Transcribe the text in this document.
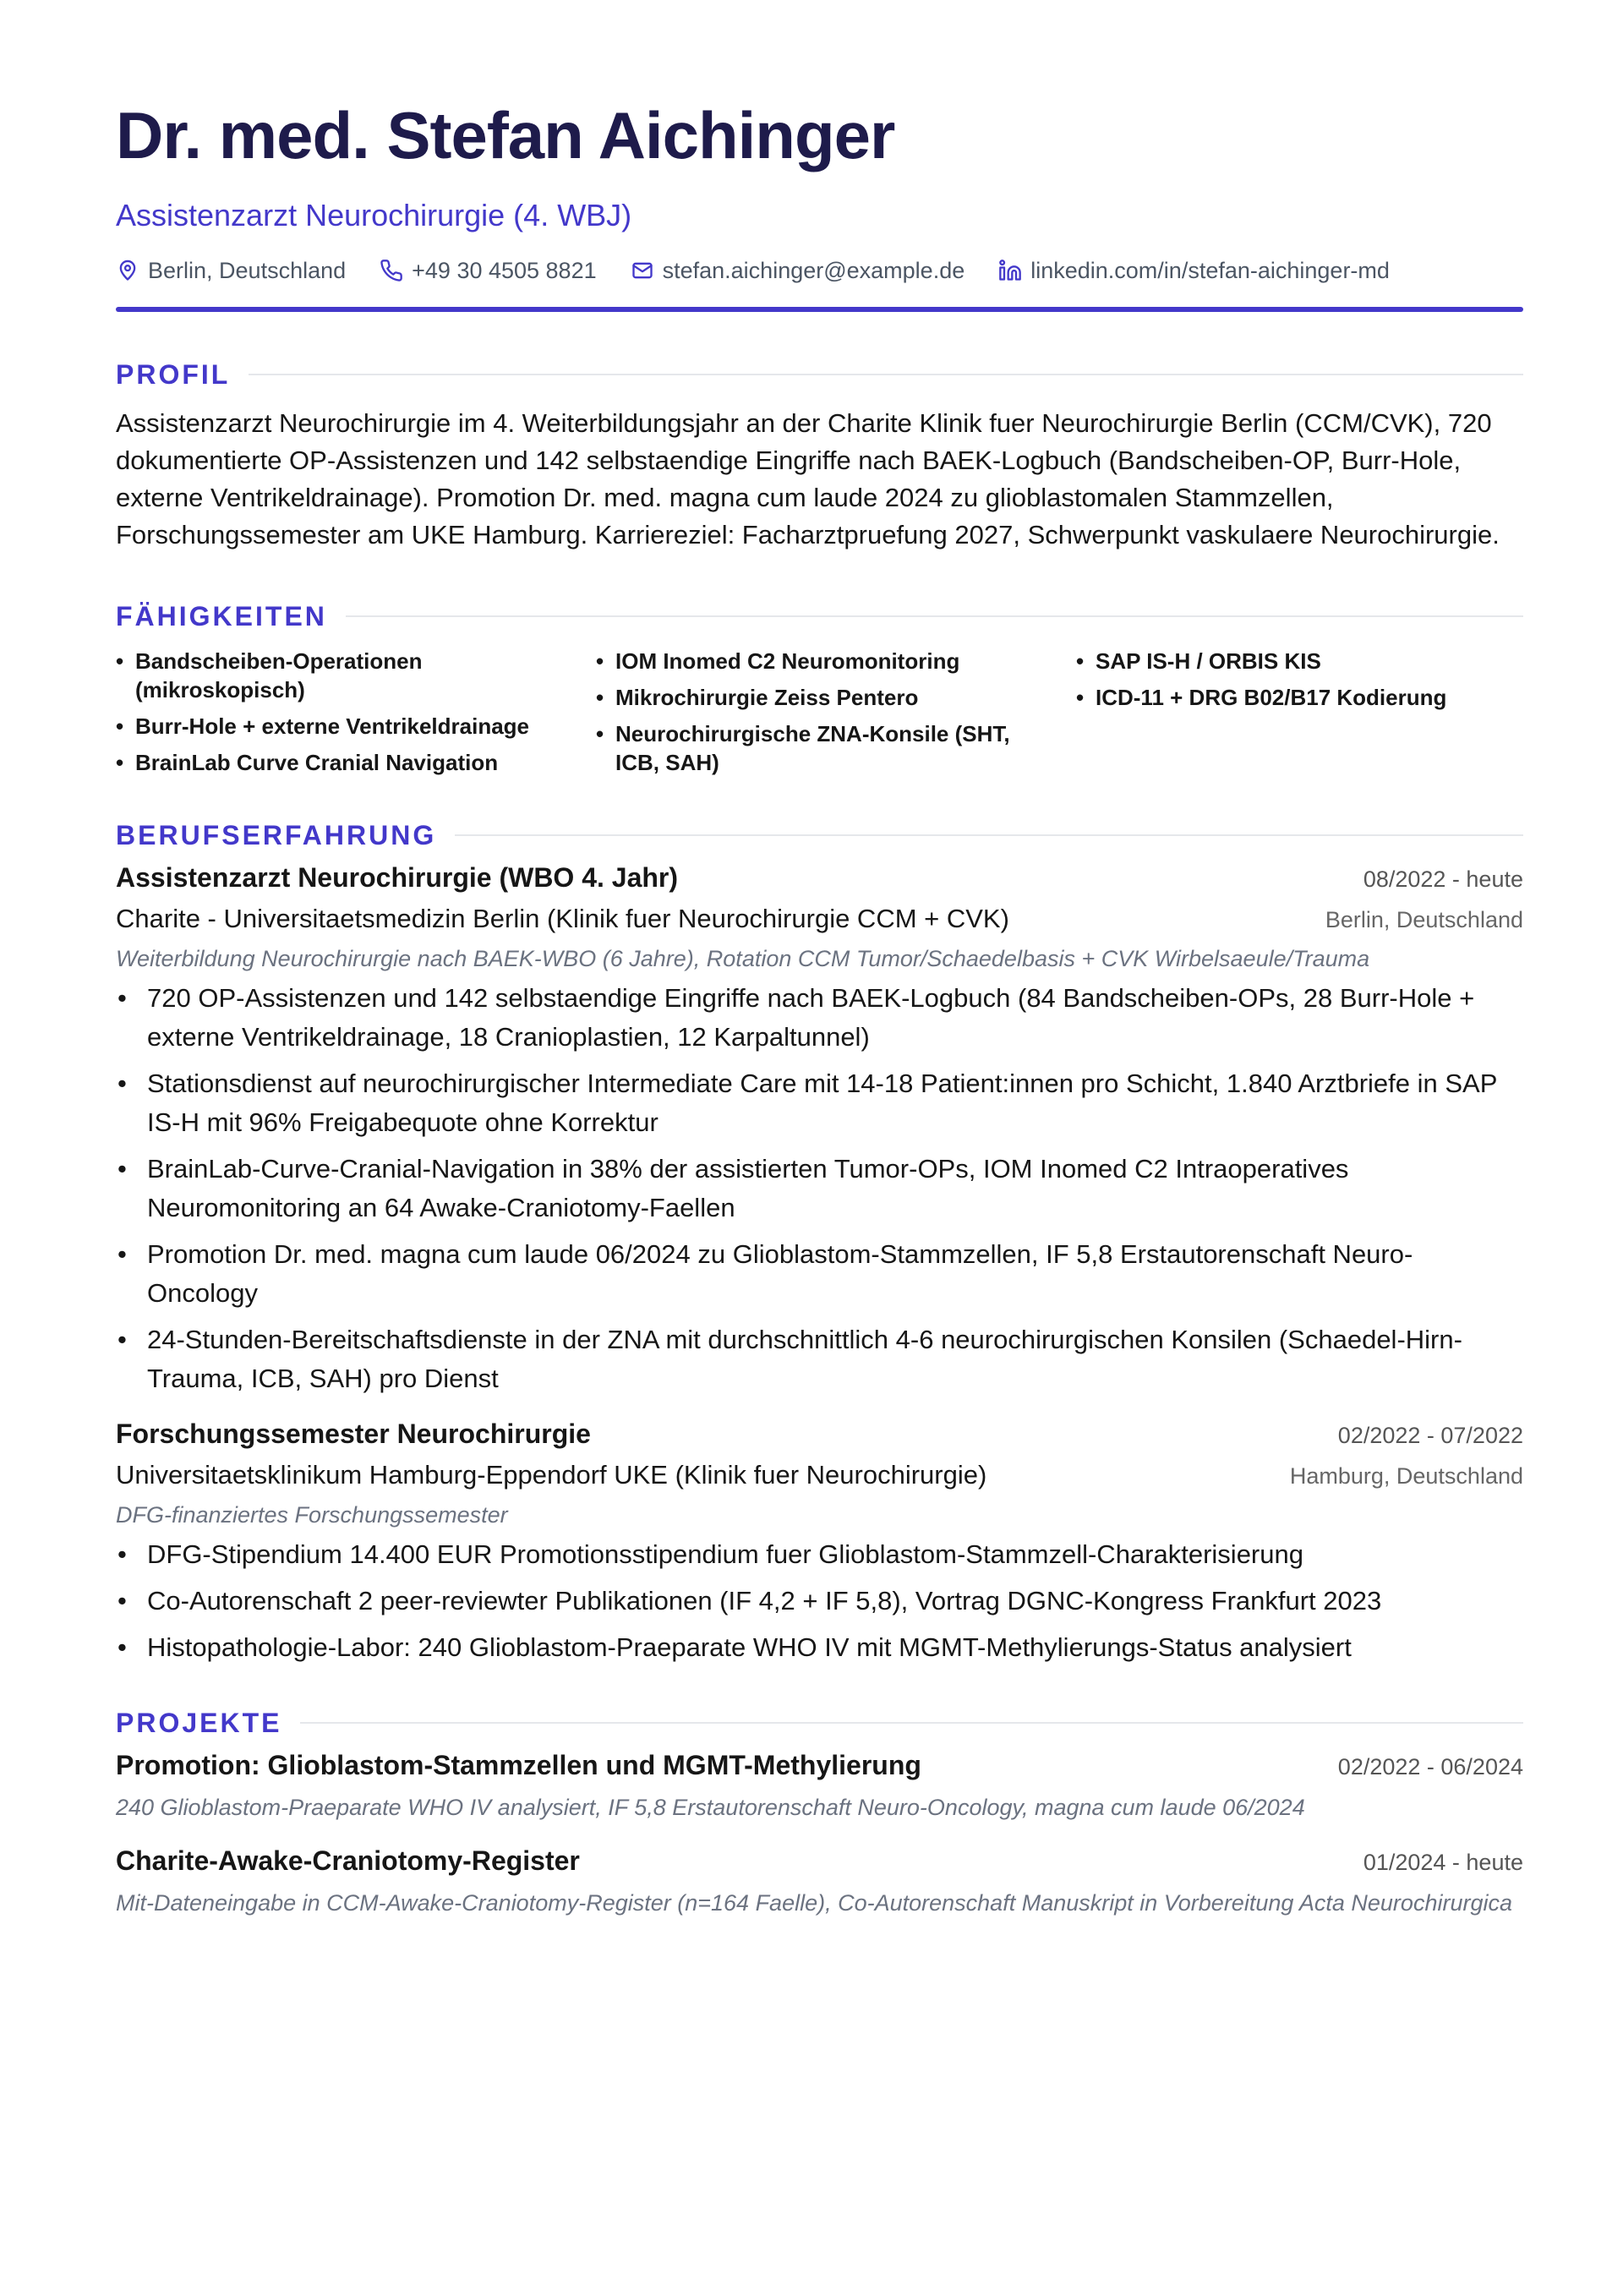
Dr. med. Stefan Aichinger
Assistenzarzt Neurochirurgie (4. WBJ)
Berlin, Deutschland	+49 30 4505 8821	stefan.aichinger@example.de	linkedin.com/in/stefan-aichinger-md
PROFIL
Assistenzarzt Neurochirurgie im 4. Weiterbildungsjahr an der Charite Klinik fuer Neurochirurgie Berlin (CCM/CVK), 720 dokumentierte OP-Assistenzen und 142 selbstaendige Eingriffe nach BAEK-Logbuch (Bandscheiben-OP, Burr-Hole, externe Ventrikeldrainage). Promotion Dr. med. magna cum laude 2024 zu glioblastomalen Stammzellen, Forschungssemester am UKE Hamburg. Karriereziel: Facharztpruefung 2027, Schwerpunkt vaskulaere Neurochirurgie.
FÄHIGKEITEN
• Bandscheiben-Operationen (mikroskopisch)
• Burr-Hole + externe Ventrikeldrainage
• BrainLab Curve Cranial Navigation
• IOM Inomed C2 Neuromonitoring
• Mikrochirurgie Zeiss Pentero
• Neurochirurgische ZNA-Konsile (SHT, ICB, SAH)
• SAP IS-H / ORBIS KIS
• ICD-11 + DRG B02/B17 Kodierung
BERUFSERFAHRUNG
Assistenzarzt Neurochirurgie (WBO 4. Jahr)	08/2022 - heute
Charite - Universitaetsmedizin Berlin (Klinik fuer Neurochirurgie CCM + CVK)	Berlin, Deutschland
Weiterbildung Neurochirurgie nach BAEK-WBO (6 Jahre), Rotation CCM Tumor/Schaedelbasis + CVK Wirbelsaeule/Trauma
• 720 OP-Assistenzen und 142 selbstaendige Eingriffe nach BAEK-Logbuch (84 Bandscheiben-OPs, 28 Burr-Hole + externe Ventrikeldrainage, 18 Cranioplastien, 12 Karpaltunnel)
• Stationsdienst auf neurochirurgischer Intermediate Care mit 14-18 Patient:innen pro Schicht, 1.840 Arztbriefe in SAP IS-H mit 96% Freigabequote ohne Korrektur
• BrainLab-Curve-Cranial-Navigation in 38% der assistierten Tumor-OPs, IOM Inomed C2 Intraoperatives Neuromonitoring an 64 Awake-Craniotomy-Faellen
• Promotion Dr. med. magna cum laude 06/2024 zu Glioblastom-Stammzellen, IF 5,8 Erstautorenschaft Neuro-Oncology
• 24-Stunden-Bereitschaftsdienste in der ZNA mit durchschnittlich 4-6 neurochirurgischen Konsilen (Schaedel-Hirn-Trauma, ICB, SAH) pro Dienst
Forschungssemester Neurochirurgie	02/2022 - 07/2022
Universitaetsklinikum Hamburg-Eppendorf UKE (Klinik fuer Neurochirurgie)	Hamburg, Deutschland
DFG-finanziertes Forschungssemester
• DFG-Stipendium 14.400 EUR Promotionsstipendium fuer Glioblastom-Stammzell-Charakterisierung
• Co-Autorenschaft 2 peer-reviewter Publikationen (IF 4,2 + IF 5,8), Vortrag DGNC-Kongress Frankfurt 2023
• Histopathologie-Labor: 240 Glioblastom-Praeparate WHO IV mit MGMT-Methylierungs-Status analysiert
PROJEKTE
Promotion: Glioblastom-Stammzellen und MGMT-Methylierung	02/2022 - 06/2024
240 Glioblastom-Praeparate WHO IV analysiert, IF 5,8 Erstautorenschaft Neuro-Oncology, magna cum laude 06/2024
Charite-Awake-Craniotomy-Register	01/2024 - heute
Mit-Dateneingabe in CCM-Awake-Craniotomy-Register (n=164 Faelle), Co-Autorenschaft Manuskript in Vorbereitung Acta Neurochirurgica
